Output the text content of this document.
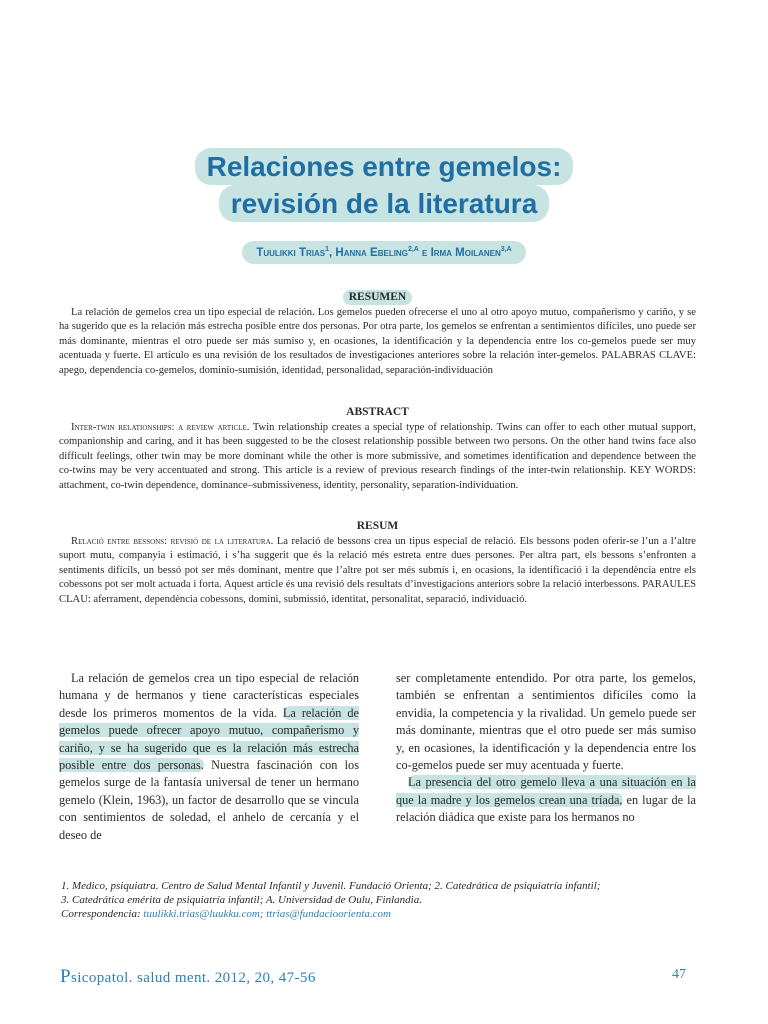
Relaciones entre gemelos:
revisión de la literatura
Tuulikki Trias$^1$, Hanna Ebeling$^{2,A}$ e Irma Moilanen$^{3,A}$
RESUMEN

La relación de gemelos crea un tipo especial de relación. Los gemelos pueden ofrecerse el uno al otro apoyo mutuo, compañerismo y cariño, y se ha sugerido que es la relación más estrecha posible entre dos personas. Por otra parte, los gemelos se enfrentan a sentimientos difíciles, uno puede ser más dominante, mientras el otro puede ser más sumiso y, en ocasiones, la identificación y la dependencia entre los co-gemelos puede ser muy acentuada y fuerte. El artículo es una revisión de los resultados de investigaciones anteriores sobre la relación inter-gemelos. PALABRAS CLAVE: apego, dependencia co-gemelos, dominio-sumisión, identidad, personalidad, separación-individuación

ABSTRACT

Inter-twin relationships: a review article. Twin relationship creates a special type of relationship. Twins can offer to each other mutual support, companionship and caring, and it has been suggested to be the closest relationship possible between two persons. On the other hand twins face also difficult feelings, other twin may be more dominant while the other is more submissive, and sometimes identification and dependence between the co-twins may be very accentuated and strong. This article is a review of previous research findings of the inter-twin relationship. KEY WORDS: attachment, co-twin dependence, dominance–submissiveness, identity, personality, separation-individuation.

RESUM

Relació entre bessons: revisió de la literatura. La relació de bessons crea un tipus especial de relació. Els bessons poden oferir-se l’un a l’altre suport mutu, companyia i estimació, i s’ha suggerit que és la relació més estreta entre dues persones. Per altra part, els bessons s’enfronten a sentiments difícils, un bessó pot ser més dominant, mentre que l’altre pot ser més submís i, en ocasions, la identificació i la dependència entre els cobessons pot ser molt actuada i forta. Aquest article és una revisió dels resultats d’investigacions anteriors sobre la relació interbessons. PARAULES CLAU: aferrament, dependència cobessons, domini, submissió, identitat, personalitat, separació, individuació.

La relación de gemelos crea un tipo especial de relación humana y de hermanos y tiene características especiales desde los primeros momentos de la vida. La relación de gemelos puede ofrecer apoyo mutuo, compañerismo y cariño, y se ha sugerido que es la relación más estrecha posible entre dos personas. Nuestra fascinación con los gemelos surge de la fantasía universal de tener un hermano gemelo (Klein, 1963), un factor de desarrollo que se vincula con sentimientos de soledad, el anhelo de cercanía y el deseo de

ser completamente entendido. Por otra parte, los gemelos, también se enfrentan a sentimientos difíciles como la envidia, la competencia y la rivalidad. Un gemelo puede ser más dominante, mientras que el otro puede ser más sumiso y, en ocasiones, la identificación y la dependencia entre los co-gemelos puede ser muy acentuada y fuerte.

La presencia del otro gemelo lleva a una situación en la que la madre y los gemelos crean una tríada, en lugar de la relación diádica que existe para los hermanos no

1. Medico, psiquiatra. Centro de Salud Mental Infantil y Juvenil. Fundació Orienta; 2. Catedrática de psiquiatría infantil;
3. Catedrática emérita de psiquiatría infantil; A. Universidad de Oulu, Finlandia.
Correspondencia: tuulikki.trias@luukku.com; ttrias@fundacioorienta.com
Psicopatol. salud ment. 2012, 20, 47-56	47
